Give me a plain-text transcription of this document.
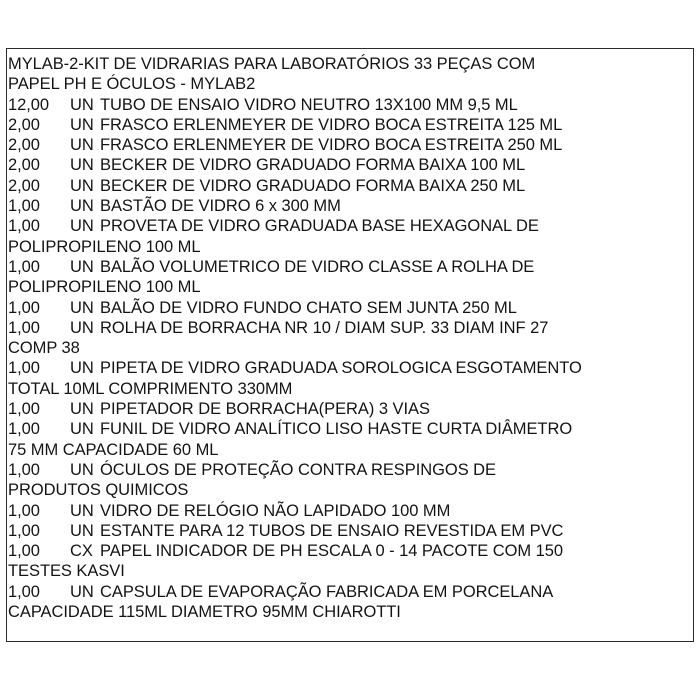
MYLAB-2-KIT DE VIDRARIAS PARA LABORATÓRIOS 33 PEÇAS COM
PAPEL PH E ÓCULOS - MYLAB2
12,00 UN TUBO DE ENSAIO VIDRO NEUTRO 13X100 MM 9,5 ML
2,00 UN FRASCO ERLENMEYER DE VIDRO BOCA ESTREITA 125 ML
2,00 UN FRASCO ERLENMEYER DE VIDRO BOCA ESTREITA 250 ML
2,00 UN BECKER DE VIDRO GRADUADO FORMA BAIXA 100 ML
2,00 UN BECKER DE VIDRO GRADUADO FORMA BAIXA 250 ML
1,00 UN BASTÃO DE VIDRO 6 x 300 MM
1,00 UN PROVETA DE VIDRO GRADUADA BASE HEXAGONAL DE
POLIPROPILENO 100 ML
1,00 UN BALÃO VOLUMETRICO DE VIDRO CLASSE A ROLHA DE
POLIPROPILENO 100 ML
1,00 UN BALÃO DE VIDRO FUNDO CHATO SEM JUNTA 250 ML
1,00 UN ROLHA DE BORRACHA NR 10 / DIAM SUP. 33 DIAM INF 27
COMP 38
1,00 UN PIPETA DE VIDRO GRADUADA SOROLOGICA ESGOTAMENTO
TOTAL 10ML COMPRIMENTO 330MM
1,00 UN PIPETADOR DE BORRACHA(PERA) 3 VIAS
1,00 UN FUNIL DE VIDRO ANALÍTICO LISO HASTE CURTA DIÂMETRO
75 MM CAPACIDADE 60 ML
1,00 UN ÓCULOS DE PROTEÇÃO CONTRA RESPINGOS DE
PRODUTOS QUIMICOS
1,00 UN VIDRO DE RELÓGIO NÃO LAPIDADO 100 MM
1,00 UN ESTANTE PARA 12 TUBOS DE ENSAIO REVESTIDA EM PVC
1,00 CX PAPEL INDICADOR DE PH ESCALA 0 - 14 PACOTE COM 150
TESTES KASVI
1,00 UN CAPSULA DE EVAPORAÇÃO FABRICADA EM PORCELANA
CAPACIDADE 115ML DIAMETRO 95MM CHIAROTTI
